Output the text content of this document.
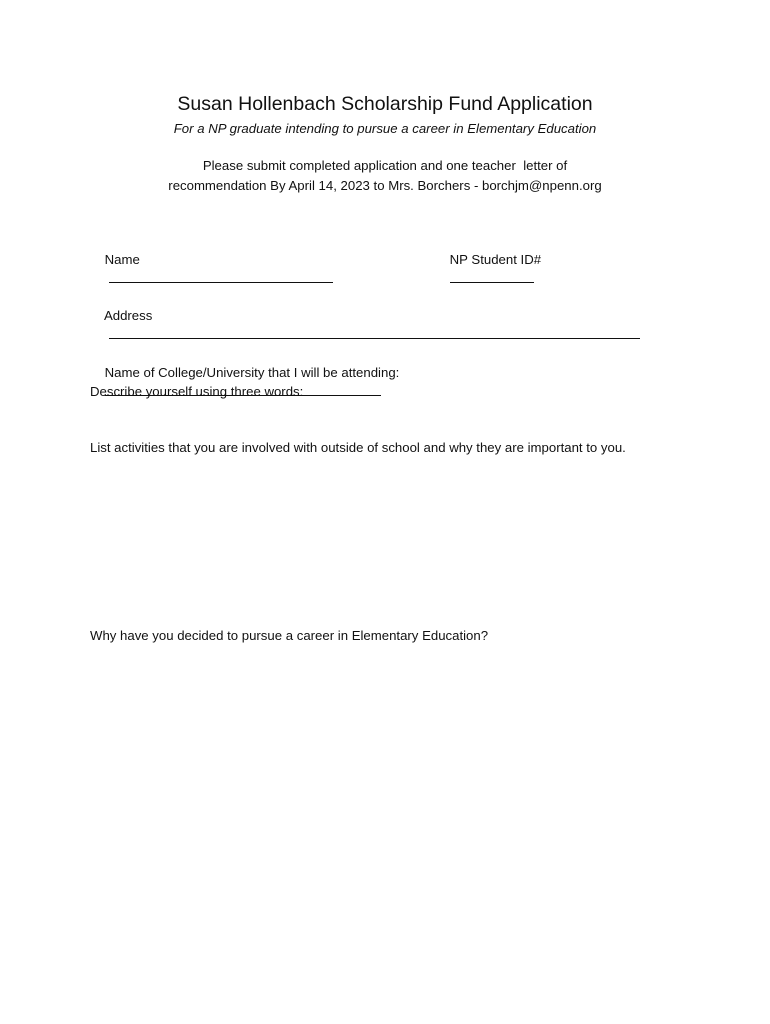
Susan Hollenbach Scholarship Fund Application
For a NP graduate intending to pursue a career in Elementary Education
Please submit completed application and one teacher  letter of
recommendation By April 14, 2023 to Mrs. Borchers - borchjm@npenn.org

Name

	NP Student ID#

Address

Name of College/University that I will be attending:

Describe yourself using three words:
List activities that you are involved with outside of school and why they are important to you.
Why have you decided to pursue a career in Elementary Education?
